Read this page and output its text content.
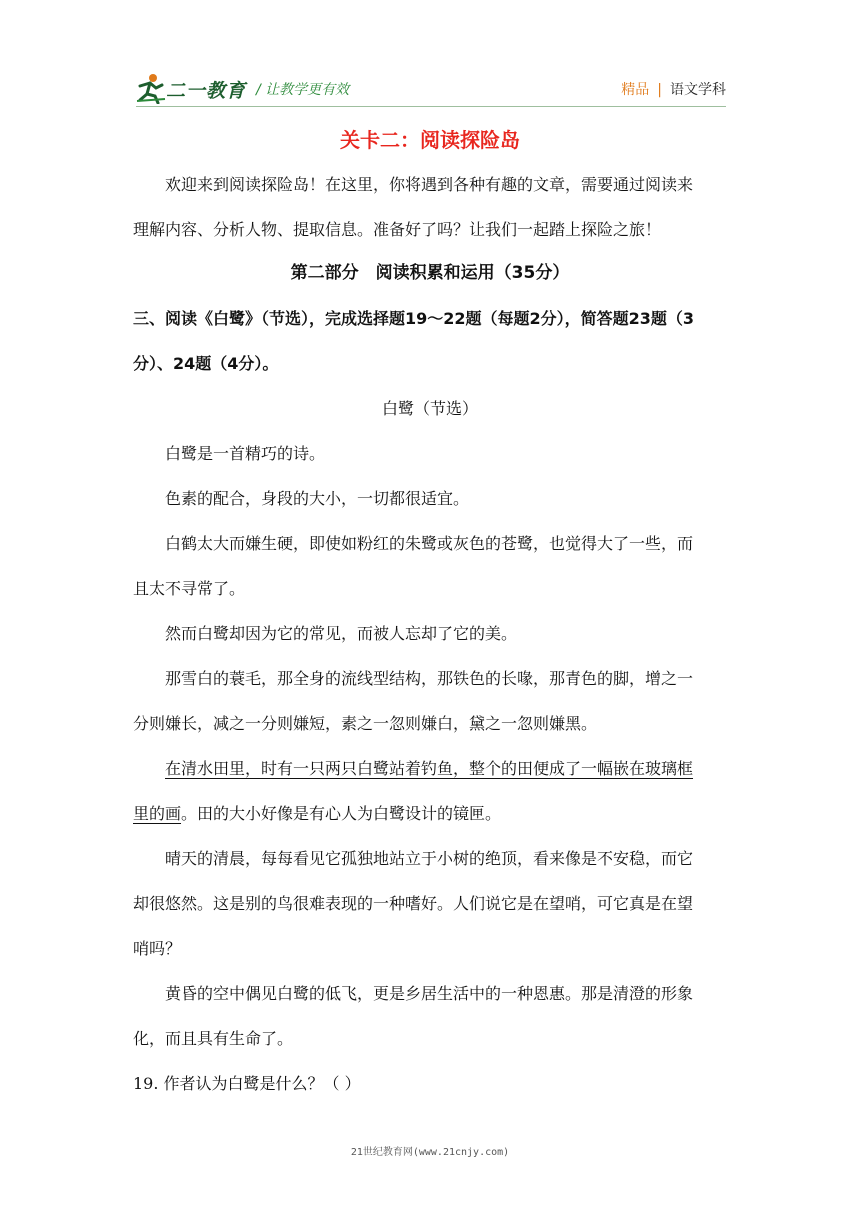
二一教育 / 让教学更有效	精品 | 语文学科
关卡二：阅读探险岛
欢迎来到阅读探险岛！在这里，你将遇到各种有趣的文章，需要通过阅读来
理解内容、分析人物、提取信息。准备好了吗？让我们一起踏上探险之旅！
第二部分　阅读积累和运用（35分）
三、阅读《白鹭》（节选），完成选择题19～22题（每题2分），简答题23题（3
分）、24题（4分）。
白鹭（节选）
白鹭是一首精巧的诗。
色素的配合，身段的大小，一切都很适宜。
白鹤太大而嫌生硬，即使如粉红的朱鹭或灰色的苍鹭，也觉得大了一些，而
且太不寻常了。
然而白鹭却因为它的常见，而被人忘却了它的美。
那雪白的蓑毛，那全身的流线型结构，那铁色的长喙，那青色的脚，增之一
分则嫌长，减之一分则嫌短，素之一忽则嫌白，黛之一忽则嫌黑。
在清水田里，时有一只两只白鹭站着钓鱼，整个的田便成了一幅嵌在玻璃框
里的画。田的大小好像是有心人为白鹭设计的镜匣。
晴天的清晨，每每看见它孤独地站立于小树的绝顶，看来像是不安稳，而它
却很悠然。这是别的鸟很难表现的一种嗜好。人们说它是在望哨，可它真是在望
哨吗？
黄昏的空中偶见白鹭的低飞，更是乡居生活中的一种恩惠。那是清澄的形象
化，而且具有生命了。
19. 作者认为白鹭是什么？（ ）
21世纪教育网(www.21cnjy.com)
